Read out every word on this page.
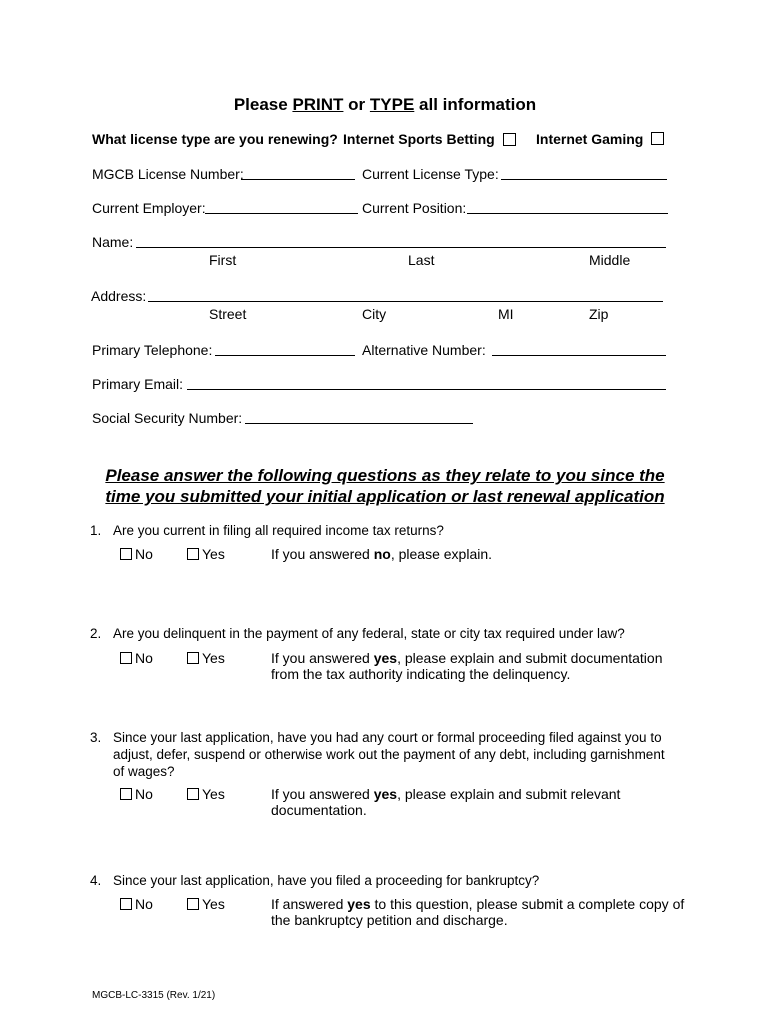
Please PRINT or TYPE all information
What license type are you renewing? Internet Sports Betting	Internet Gaming
MGCB License Number:	Current License Type:
Current Employer:	Current Position:
Name:
First	Last	Middle
Address:
Street	City	MI	Zip
Primary Telephone:	Alternative Number:
Primary Email:
Social Security Number:
Please answer the following questions as they relate to you since the
time you submitted your initial application or last renewal application
1. Are you current in filing all required income tax returns?
No	Yes	If you answered no, please explain.
2. Are you delinquent in the payment of any federal, state or city tax required under law?
No	Yes	If you answered yes, please explain and submit documentation
from the tax authority indicating the delinquency.
3. Since your last application, have you had any court or formal proceeding filed against you to
adjust, defer, suspend or otherwise work out the payment of any debt, including garnishment
of wages?
No	Yes	If you answered yes, please explain and submit relevant
documentation.
4. Since your last application, have you filed a proceeding for bankruptcy?
No	Yes	If answered yes to this question, please submit a complete copy of
the bankruptcy petition and discharge.
MGCB-LC-3315 (Rev. 1/21)
